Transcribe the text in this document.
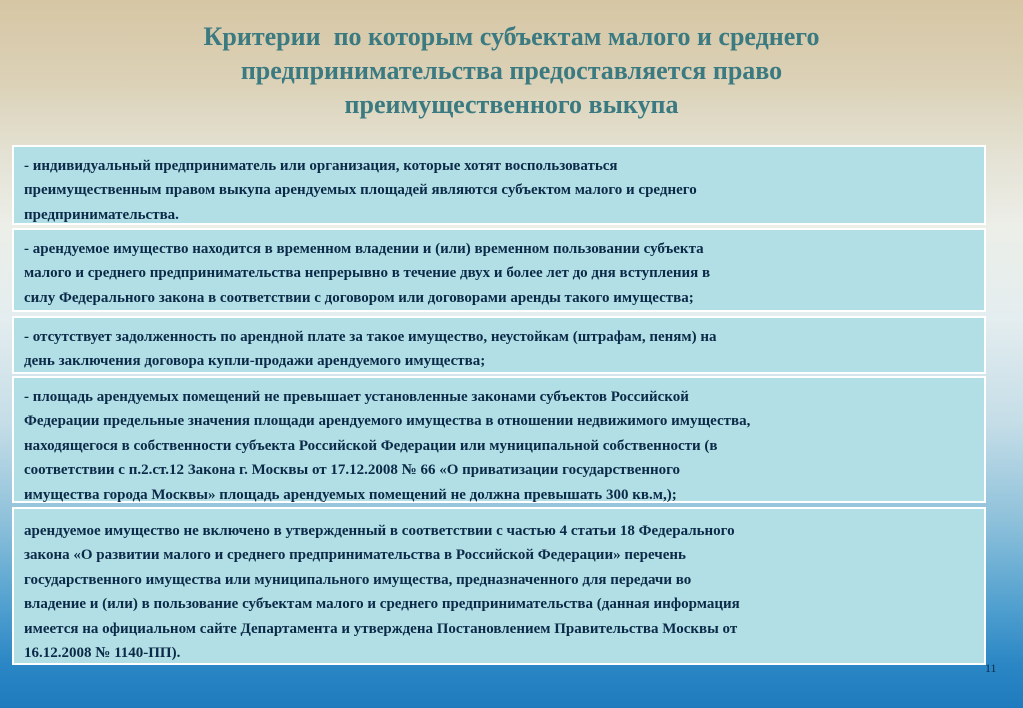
Критерии  по которым субъектам малого и среднего
предпринимательства предоставляется право
преимущественного выкупа
- индивидуальный предприниматель или организация, которые хотят воспользоваться
преимущественным правом выкупа арендуемых площадей являются субъектом малого и среднего
предпринимательства.
- арендуемое имущество находится в временном владении и (или) временном пользовании субъекта
малого и среднего предпринимательства непрерывно в течение двух и более лет до дня вступления в
силу Федерального закона в соответствии с договором или договорами аренды такого имущества;
- отсутствует задолженность по арендной плате за такое имущество, неустойкам (штрафам, пеням) на
день заключения договора купли-продажи арендуемого имущества;
- площадь арендуемых помещений не превышает установленные законами субъектов Российской
Федерации предельные значения площади арендуемого имущества в отношении недвижимого имущества,
находящегося в собственности субъекта Российской Федерации или муниципальной собственности (в
соответствии с п.2.ст.12 Закона г. Москвы от 17.12.2008 № 66 «О приватизации государственного
имущества города Москвы» площадь арендуемых помещений не должна превышать 300 кв.м,);
арендуемое имущество не включено в утвержденный в соответствии с частью 4 статьи 18 Федерального
закона «О развитии малого и среднего предпринимательства в Российской Федерации» перечень
государственного имущества или муниципального имущества, предназначенного для передачи во
владение и (или) в пользование субъектам малого и среднего предпринимательства (данная информация
имеется на официальном сайте Департамента и утверждена Постановлением Правительства Москвы от
16.12.2008 № 1140-ПП).
11
